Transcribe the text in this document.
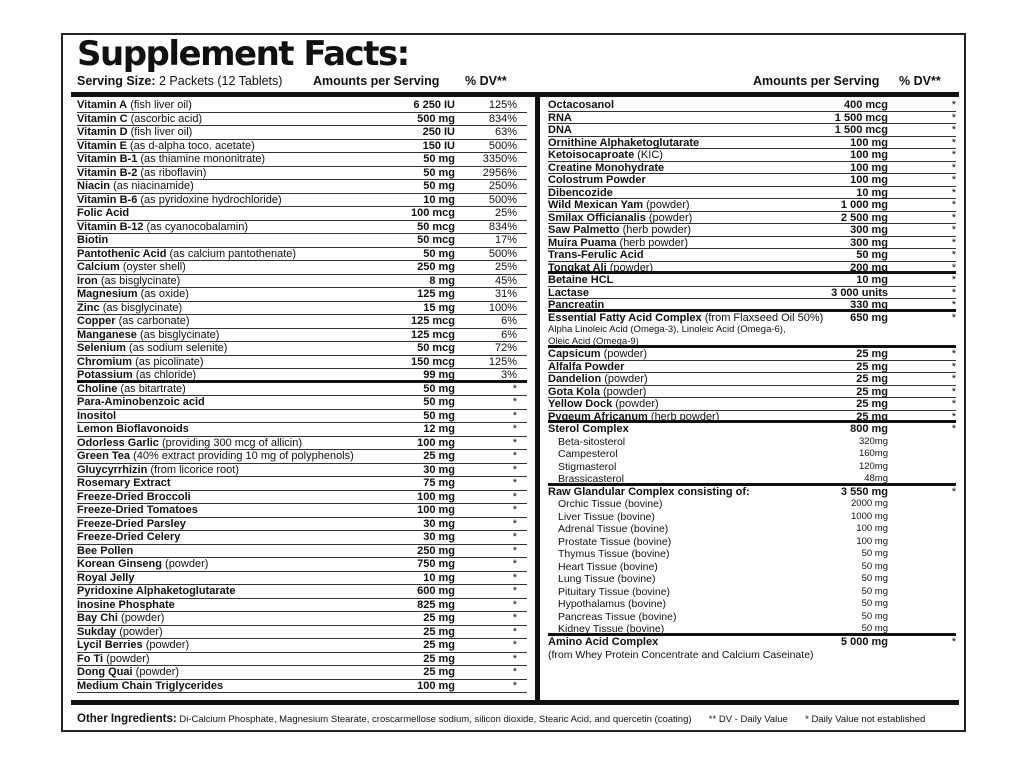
Supplement Facts:
Serving Size: 2 Packets (12 Tablets) Amounts per Serving % DV**	Amounts per Serving % DV**
Vitamin A (fish liver oil)	6 250 IU	125%
Vitamin C (ascorbic acid)	500 mg	834%
Vitamin D (fish liver oil)	250 IU	63%
Vitamin E (as d-alpha toco. acetate)	150 IU	500%
Vitamin B-1 (as thiamine mononitrate)	50 mg	3350%
Vitamin B-2 (as riboflavin)	50 mg	2956%
Niacin (as niacinamide)	50 mg	250%
Vitamin B-6 (as pyridoxine hydrochloride)	10 mg	500%
Folic Acid	100 mcg	25%
Vitamin B-12 (as cyanocobalamin)	50 mcg	834%
Biotin	50 mcg	17%
Pantothenic Acid (as calcium pantothenate)	50 mg	500%
Calcium (oyster shell)	250 mg	25%
Iron (as bisglycinate)	8 mg	45%
Magnesium (as oxide)	125 mg	31%
Zinc (as bisglycinate)	15 mg	100%
Copper (as carbonate)	125 mcg	6%
Manganese (as bisglycinate)	125 mcg	6%
Selenium (as sodium selenite)	50 mcg	72%
Chromium (as picolinate)	150 mcg	125%
Potassium (as chloride)	99 mg	3%
Choline (as bitartrate)	50 mg	*
Para-Aminobenzoic acid	50 mg	*
Inositol	50 mg	*
Lemon Bioflavonoids	12 mg	*
Odorless Garlic (providing 300 mcg of allicin)	100 mg	*
Green Tea (40% extract providing 10 mg of polyphenols)	25 mg	*
Gluycyrrhizin (from licorice root)	30 mg	*
Rosemary Extract	75 mg	*
Freeze-Dried Broccoli	100 mg	*
Freeze-Dried Tomatoes	100 mg	*
Freeze-Dried Parsley	30 mg	*
Freeze-Dried Celery	30 mg	*
Bee Pollen	250 mg	*
Korean Ginseng (powder)	750 mg	*
Royal Jelly	10 mg	*
Pyridoxine Alphaketoglutarate	600 mg	*
Inosine Phosphate	825 mg	*
Bay Chi (powder)	25 mg	*
Sukday (powder)	25 mg	*
Lycil Berries (powder)	25 mg	*
Fo Ti (powder)	25 mg	*
Dong Quai (powder)	25 mg	*
Medium Chain Triglycerides	100 mg	*
Octacosanol	400 mcg	*
RNA	1 500 mcg	*
DNA	1 500 mcg	*
Ornithine Alphaketoglutarate	100 mg	*
Ketoisocaproate (KIC)	100 mg	*
Creatine Monohydrate	100 mg	*
Colostrum Powder	100 mg	*
Dibencozide	10 mg	*
Wild Mexican Yam (powder)	1 000 mg	*
Smilax Officianalis (powder)	2 500 mg	*
Saw Palmetto (herb powder)	300 mg	*
Muira Puama (herb powder)	300 mg	*
Trans-Ferulic Acid	50 mg	*
Tongkat Ali (powder)	200 mg	*
Betaine HCL	10 mg	*
Lactase	3 000 units	*
Pancreatin	330 mg	*
Essential Fatty Acid Complex (from Flaxseed Oil 50%)	650 mg	*
Alpha Linoleic Acid (Omega-3), Linoleic Acid (Omega-6),
Oleic Acid (Omega-9)
Capsicum (powder)	25 mg	*
Alfalfa Powder	25 mg	*
Dandelion (powder)	25 mg	*
Gota Kola (powder)	25 mg	*
Yellow Dock (powder)	25 mg	*
Pygeum Africanum (herb powder)	25 mg	*
Sterol Complex	800 mg	*
Beta-sitosterol	320mg
Campesterol	160mg
Stigmasterol	120mg
Brassicasterol	48mg
Raw Glandular Complex consisting of:	3 550 mg	*
Orchic Tissue (bovine)	2000 mg
Liver Tissue (bovine)	1000 mg
Adrenal Tissue (bovine)	100 mg
Prostate Tissue (bovine)	100 mg
Thymus Tissue (bovine)	50 mg
Heart Tissue (bovine)	50 mg
Lung Tissue (bovine)	50 mg
Pituitary Tissue (bovine)	50 mg
Hypothalamus (bovine)	50 mg
Pancreas Tissue (bovine)	50 mg
Kidney Tissue (bovine)	50 mg
Amino Acid Complex	5 000 mg	*
(from Whey Protein Concentrate and Calcium Caseinate)
Other Ingredients: Di-Calcium Phosphate, Magnesium Stearate, croscarmellose sodium, silicon dioxide, Stearic Acid, and quercetin (coating) ** DV - Daily Value * Daily Value not established
